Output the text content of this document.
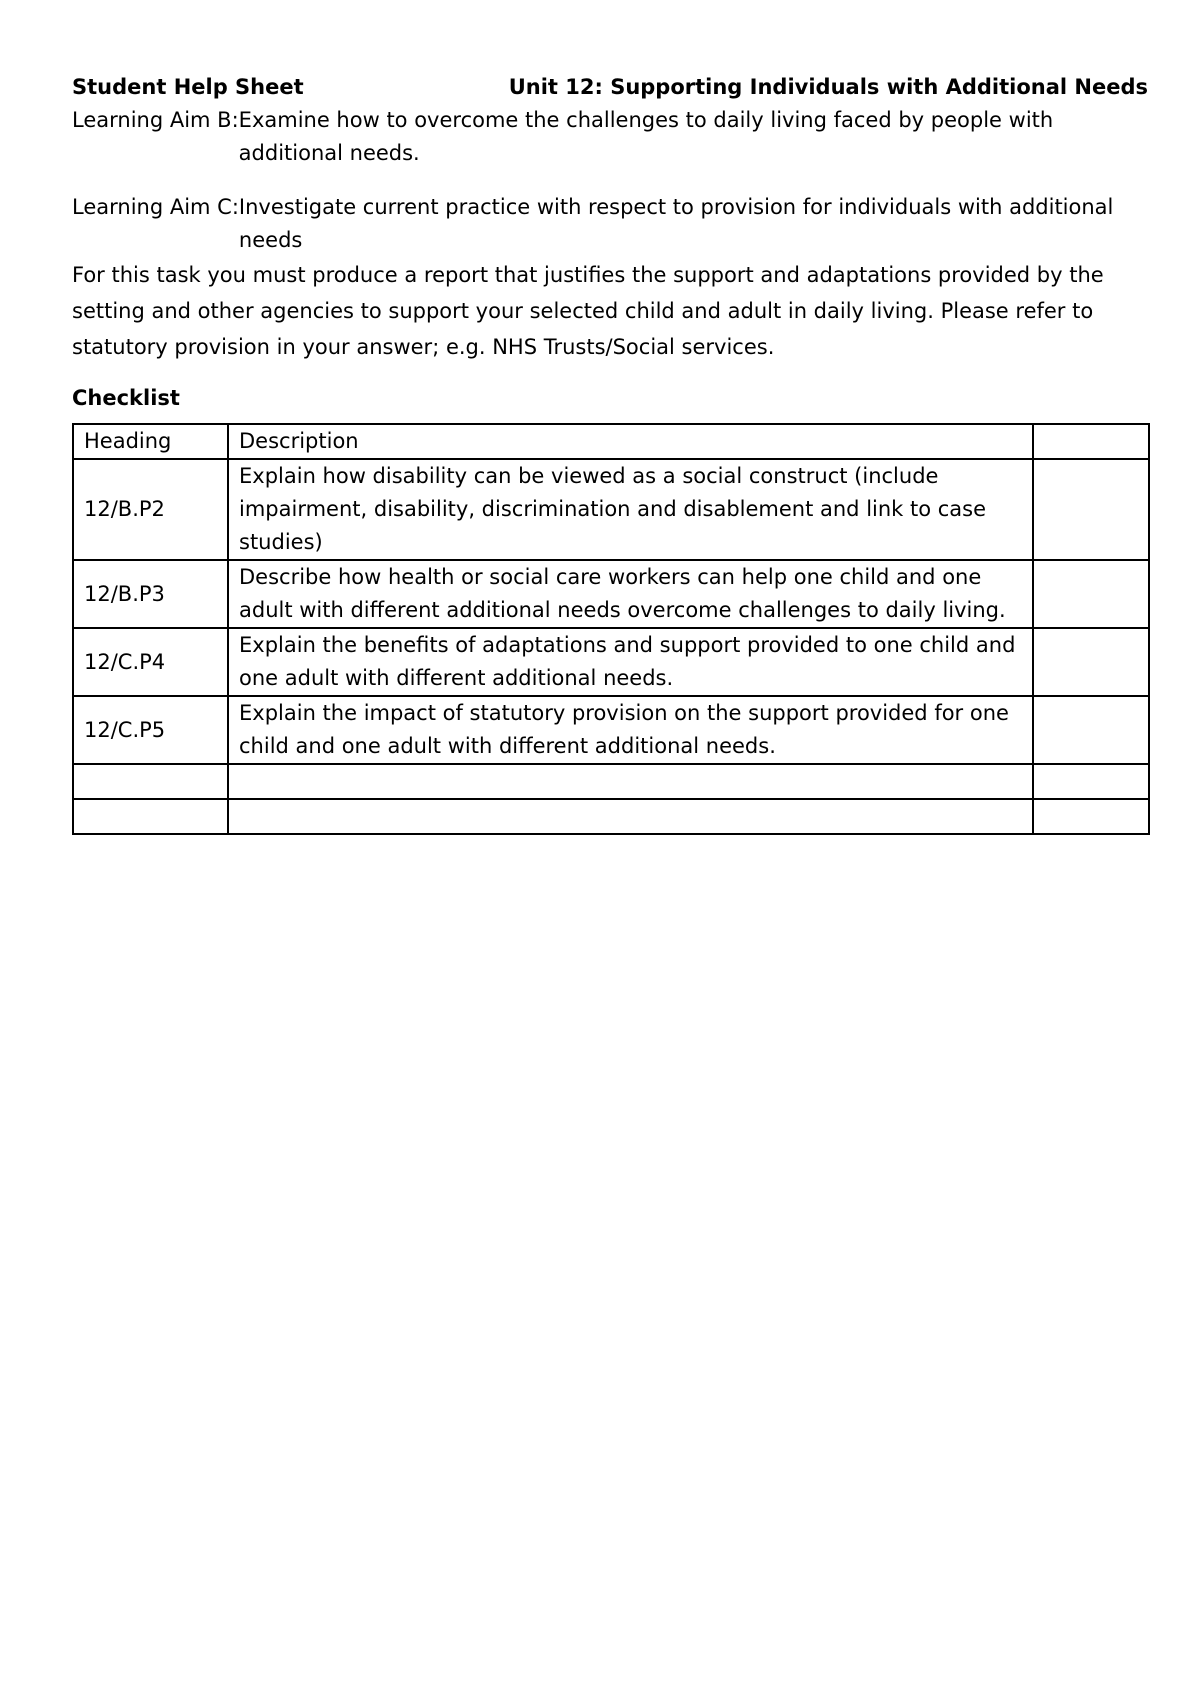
Student Help Sheet	Unit 12: Supporting Individuals with Additional Needs
Learning Aim B: Examine how to overcome the challenges to daily living faced by people with additional needs.
Learning Aim C: Investigate current practice with respect to provision for individuals with additional needs
For this task you must produce a report that justifies the support and adaptations provided by the setting and other agencies to support your selected child and adult in daily living. Please refer to statutory provision in your answer; e.g. NHS Trusts/Social services.
Checklist
Heading	Description	
12/B.P2	Explain how disability can be viewed as a social construct (include impairment, disability, discrimination and disablement and link to case studies)	
12/B.P3	Describe how health or social care workers can help one child and one adult with different additional needs overcome challenges to daily living.	
12/C.P4	Explain the benefits of adaptations and support provided to one child and one adult with different additional needs.	
12/C.P5	Explain the impact of statutory provision on the support provided for one child and one adult with different additional needs.	
